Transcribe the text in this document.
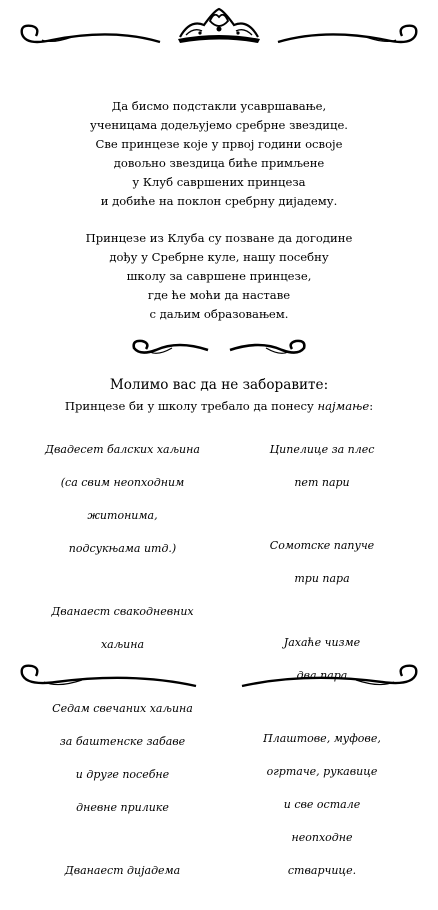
Да бисмо подстакли усавршавање,

ученицама додељујемо сребрне звездице.

Све принцезе које у првој години освоје

довољно звездица биће примљене

у Клуб савршених принцеза

и добиће на поклон сребрну дијадему.

Принцезе из Клуба су позване да догодине

дођу у Сребрне куле, нашу посебну

школу за савршене принцезе,

где ће моћи да наставе

с даљим образовањем.

Молимо вас да не заборавите:
Принцезе би у школу требало да понесу најмање:

Двадесет балских хаљина

(са свим неопходним

житонима,

подсукњама итд.)

Дванаест свакодневних

хаљина

Седам свечаних хаљина

за баштенске забаве

и друге посебне

дневне прилике

Дванаест дијадема

Ципелице за плес

пет пари

Сомотске папуче

три пара

Јахаће чизме

два пара

Плаштове, муфове,

огртаче, рукавице

и све остале

неопходне

стварчице.
